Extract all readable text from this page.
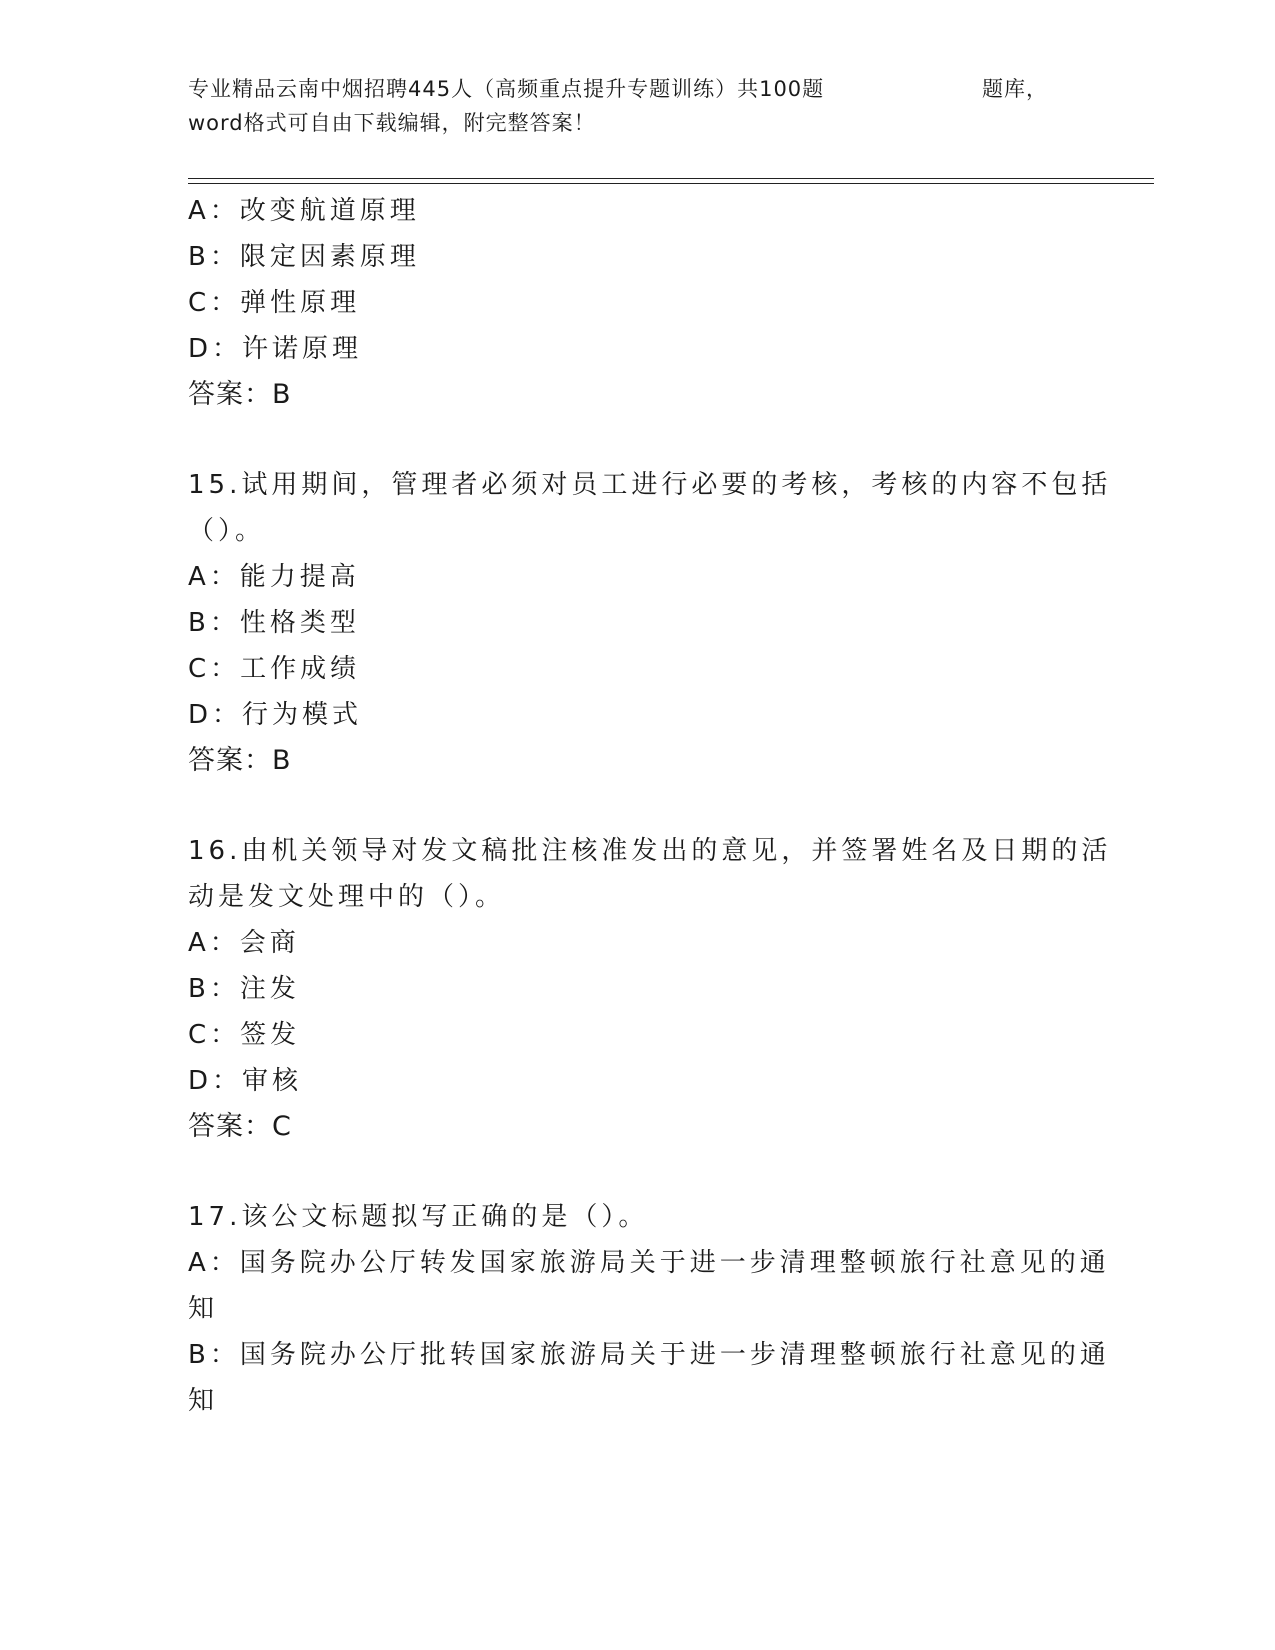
专业精品云南中烟招聘445人（高频重点提升专题训练）共100题	题库，
word格式可自由下载编辑，附完整答案！
A：改变航道原理
B：限定因素原理
C：弹性原理
D：许诺原理
答案：B
15.试用期间，管理者必须对员工进行必要的考核，考核的内容不包括
（）。
A：能力提高
B：性格类型
C：工作成绩
D：行为模式
答案：B
16.由机关领导对发文稿批注核准发出的意见，并签署姓名及日期的活
动是发文处理中的（）。
A：会商
B：注发
C：签发
D：审核
答案：C
17.该公文标题拟写正确的是（）。
A：国务院办公厅转发国家旅游局关于进一步清理整顿旅行社意见的通
知
B：国务院办公厅批转国家旅游局关于进一步清理整顿旅行社意见的通
知
